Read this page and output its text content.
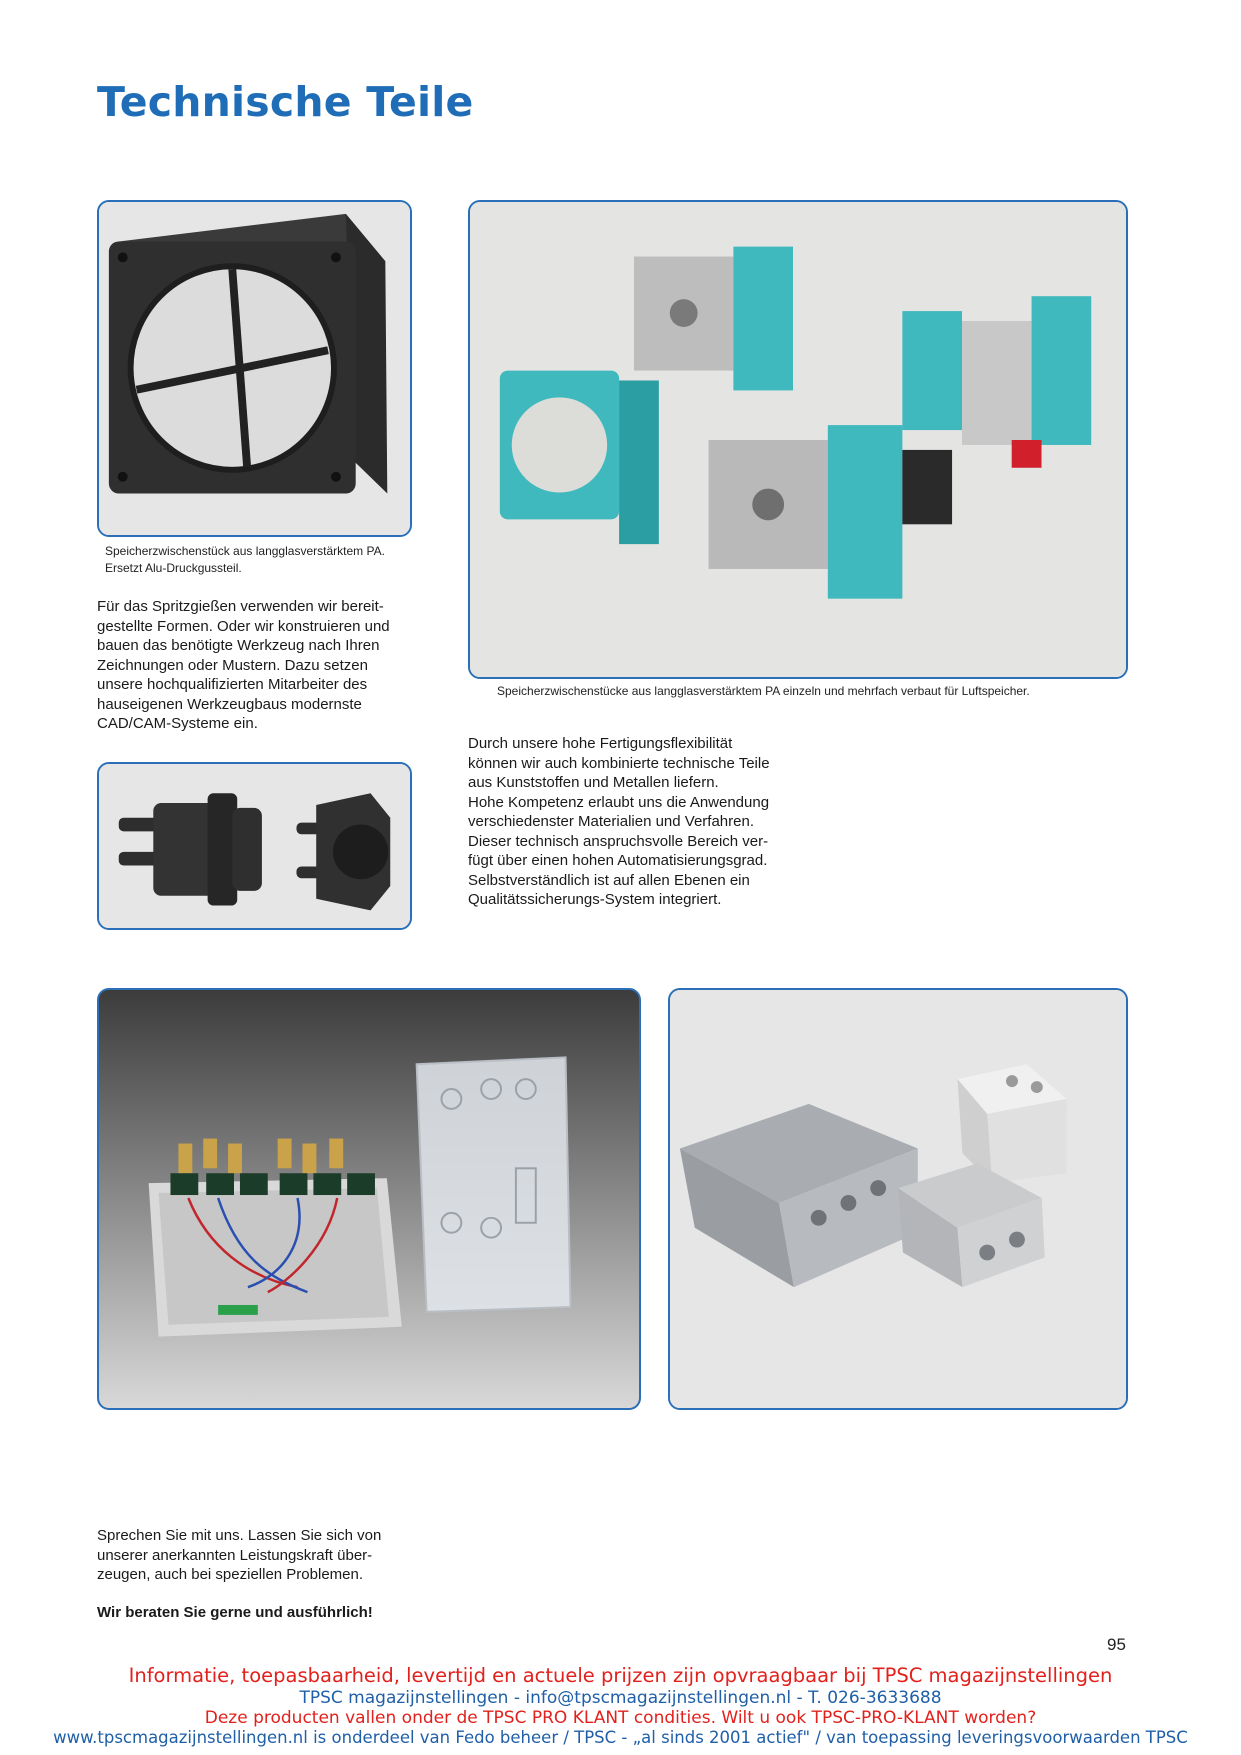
Technische Teile
Speicherzwischenstück aus langglasverstärktem PA.
Ersetzt Alu-Druckgussteil.

Für das Spritzgießen verwenden wir bereit-

gestellte Formen. Oder wir konstruieren und

bauen das benötigte Werkzeug nach Ihren

Zeichnungen oder Mustern. Dazu setzen

unsere hochqualifizierten Mitarbeiter des

hauseigenen Werkzeugbaus modernste

CAD/CAM-Systeme ein.

Speicherzwischenstücke aus langglasverstärktem PA einzeln und mehrfach verbaut für Luftspeicher.

Durch unsere hohe Fertigungsflexibilität

können wir auch kombinierte technische Teile

aus Kunststoffen und Metallen liefern.

Hohe Kompetenz erlaubt uns die Anwendung

verschiedenster Materialien und Verfahren.

Dieser technisch anspruchsvolle Bereich ver-

fügt über einen hohen Automatisierungsgrad.

Selbstverständlich ist auf allen Ebenen ein

Qualitätssicherungs-System integriert.

Sprechen Sie mit uns. Lassen Sie sich von

unserer anerkannten Leistungskraft über-

zeugen, auch bei speziellen Problemen.

Wir beraten Sie gerne und ausführlich!
95
Informatie, toepasbaarheid, levertijd en actuele prijzen zijn opvraagbaar bij TPSC magazijnstellingen
TPSC magazijnstellingen - info@tpscmagazijnstellingen.nl - T. 026-3633688
Deze producten vallen onder de TPSC PRO KLANT condities. Wilt u ook TPSC-PRO-KLANT worden?
www.tpscmagazijnstellingen.nl is onderdeel van Fedo beheer / TPSC - „al sinds 2001 actief" / van toepassing leveringsvoorwaarden TPSC
